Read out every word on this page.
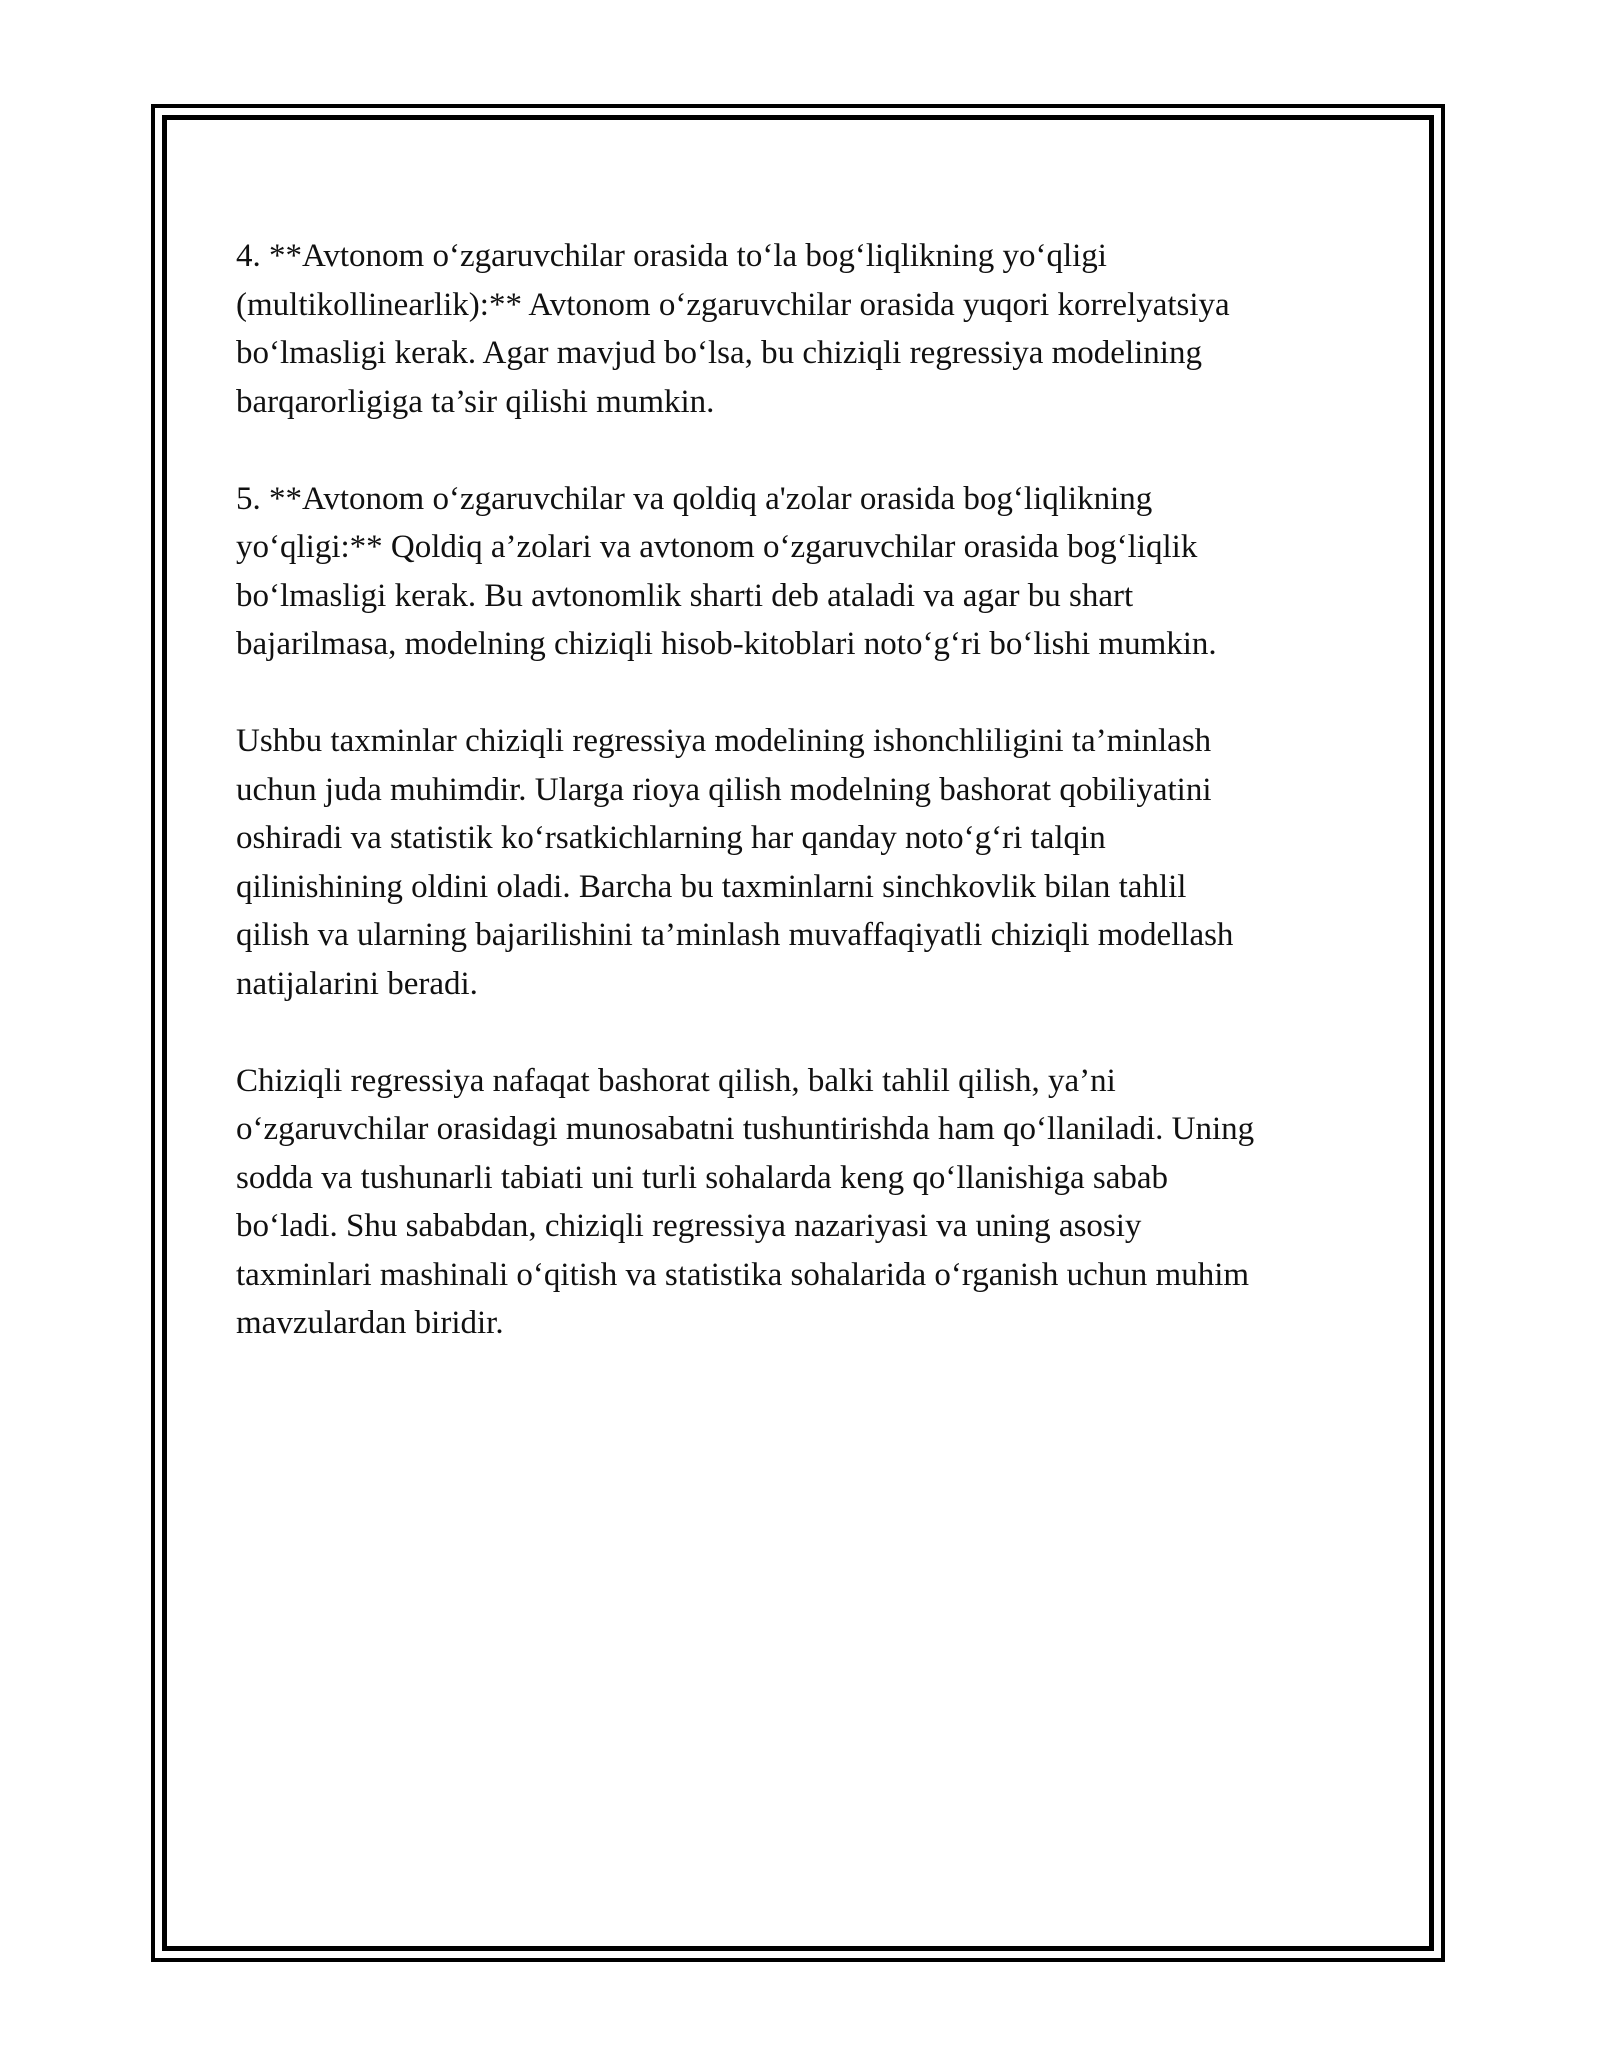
4. **Avtonom o‘zgaruvchilar orasida to‘la bog‘liqlikning yo‘qligi
(multikollinearlik):** Avtonom o‘zgaruvchilar orasida yuqori korrelyatsiya
bo‘lmasligi kerak. Agar mavjud bo‘lsa, bu chiziqli regressiya modelining
barqarorligiga ta’sir qilishi mumkin.

5. **Avtonom o‘zgaruvchilar va qoldiq a'zolar orasida bog‘liqlikning
yo‘qligi:** Qoldiq a’zolari va avtonom o‘zgaruvchilar orasida bog‘liqlik
bo‘lmasligi kerak. Bu avtonomlik sharti deb ataladi va agar bu shart
bajarilmasa, modelning chiziqli hisob-kitoblari noto‘g‘ri bo‘lishi mumkin.

Ushbu taxminlar chiziqli regressiya modelining ishonchliligini ta’minlash
uchun juda muhimdir. Ularga rioya qilish modelning bashorat qobiliyatini
oshiradi va statistik ko‘rsatkichlarning har qanday noto‘g‘ri talqin
qilinishining oldini oladi. Barcha bu taxminlarni sinchkovlik bilan tahlil
qilish va ularning bajarilishini ta’minlash muvaffaqiyatli chiziqli modellash
natijalarini beradi.

Chiziqli regressiya nafaqat bashorat qilish, balki tahlil qilish, ya’ni
o‘zgaruvchilar orasidagi munosabatni tushuntirishda ham qo‘llaniladi. Uning
sodda va tushunarli tabiati uni turli sohalarda keng qo‘llanishiga sabab
bo‘ladi. Shu sababdan, chiziqli regressiya nazariyasi va uning asosiy
taxminlari mashinali o‘qitish va statistika sohalarida o‘rganish uchun muhim
mavzulardan biridir.
